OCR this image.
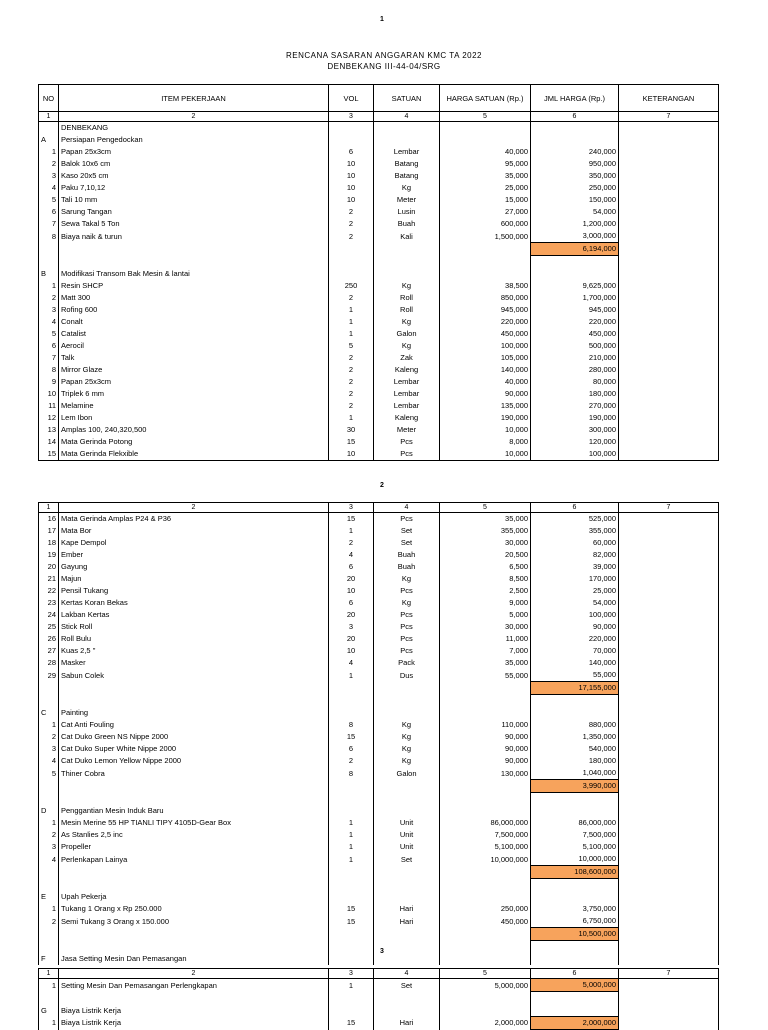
1
RENCANA SASARAN ANGGARAN KMC TA 2022
DENBEKANG III-44-04/SRG
NO	ITEM PEKERJAAN	VOL	SATUAN	HARGA SATUAN (Rp.)	JML HARGA (Rp.)	KETERANGAN
1	2	3	4	5	6	7
	DENBEKANG					
A	Persiapan Pengedockan					
1	Papan 25x3cm	6	Lembar	40,000	240,000	
2	Balok 10x6 cm	10	Batang	95,000	950,000	
3	Kaso 20x5 cm	10	Batang	35,000	350,000	
4	Paku 7,10,12	10	Kg	25,000	250,000	
5	Tali 10 mm	10	Meter	15,000	150,000	
6	Sarung Tangan	2	Lusin	27,000	54,000	
7	Sewa Takal 5 Ton	2	Buah	600,000	1,200,000	
8	Biaya naik & turun	2	Kali	1,500,000	3,000,000	
					6,194,000	

B	Modifikasi Transom Bak Mesin & lantai					
1	Resin SHCP	250	Kg	38,500	9,625,000	
2	Matt 300	2	Roll	850,000	1,700,000	
3	Rofing 600	1	Roll	945,000	945,000	
4	Conalt	1	Kg	220,000	220,000	
5	Catalist	1	Galon	450,000	450,000	
6	Aerocil	5	Kg	100,000	500,000	
7	Talk	2	Zak	105,000	210,000	
8	Mirror Glaze	2	Kaleng	140,000	280,000	
9	Papan 25x3cm	2	Lembar	40,000	80,000	
10	Triplek 6 mm	2	Lembar	90,000	180,000	
11	Melamine	2	Lembar	135,000	270,000	
12	Lem Ibon	1	Kaleng	190,000	190,000	
13	Amplas 100, 240,320,500	30	Meter	10,000	300,000	
14	Mata Gerinda Potong	15	Pcs	8,000	120,000	
15	Mata Gerinda Flekxible	10	Pcs	10,000	100,000	
2
1	2	3	4	5	6	7
16	Mata Gerinda Amplas P24 & P36	15	Pcs	35,000	525,000	
17	Mata Bor	1	Set	355,000	355,000	
18	Kape Dempol	2	Set	30,000	60,000	
19	Ember	4	Buah	20,500	82,000	
20	Gayung	6	Buah	6,500	39,000	
21	Majun	20	Kg	8,500	170,000	
22	Pensil Tukang	10	Pcs	2,500	25,000	
23	Kertas Koran Bekas	6	Kg	9,000	54,000	
24	Lakban Kertas	20	Pcs	5,000	100,000	
25	Stick Roll	3	Pcs	30,000	90,000	
26	Roll Bulu	20	Pcs	11,000	220,000	
27	Kuas 2,5 "	10	Pcs	7,000	70,000	
28	Masker	4	Pack	35,000	140,000	
29	Sabun Colek	1	Dus	55,000	55,000	
					17,155,000	

C	Painting					
1	Cat Anti Fouling	8	Kg	110,000	880,000	
2	Cat Duko Green NS Nippe 2000	15	Kg	90,000	1,350,000	
3	Cat Duko Super White Nippe 2000	6	Kg	90,000	540,000	
4	Cat Duko Lemon Yellow Nippe 2000	2	Kg	90,000	180,000	
5	Thiner Cobra	8	Galon	130,000	1,040,000	
					3,990,000	

D	Penggantian Mesin Induk Baru					
1	Mesin Merine 55 HP TIANLI TIPY 4105D-Gear Box	1	Unit	86,000,000	86,000,000	
2	As Stanlies 2,5 inc	1	Unit	7,500,000	7,500,000	
3	Propeller	1	Unit	5,100,000	5,100,000	
4	Perlenkapan Lainya	1	Set	10,000,000	10,000,000	
					108,600,000	

E	Upah Pekerja					
1	Tukang 1 Orang x Rp 250.000	15	Hari	250,000	3,750,000	
2	Semi Tukang 3 Orang x 150.000	15	Hari	450,000	6,750,000	
					10,500,000	

F	Jasa Setting Mesin Dan Pemasangan					
3
1	2	3	4	5	6	7
1	Setting Mesin Dan Pemasangan Perlengkapan	1	Set	5,000,000	5,000,000	

G	Biaya Listrik Kerja					
1	Biaya Listrik Kerja	15	Hari	2,000,000	2,000,000	
